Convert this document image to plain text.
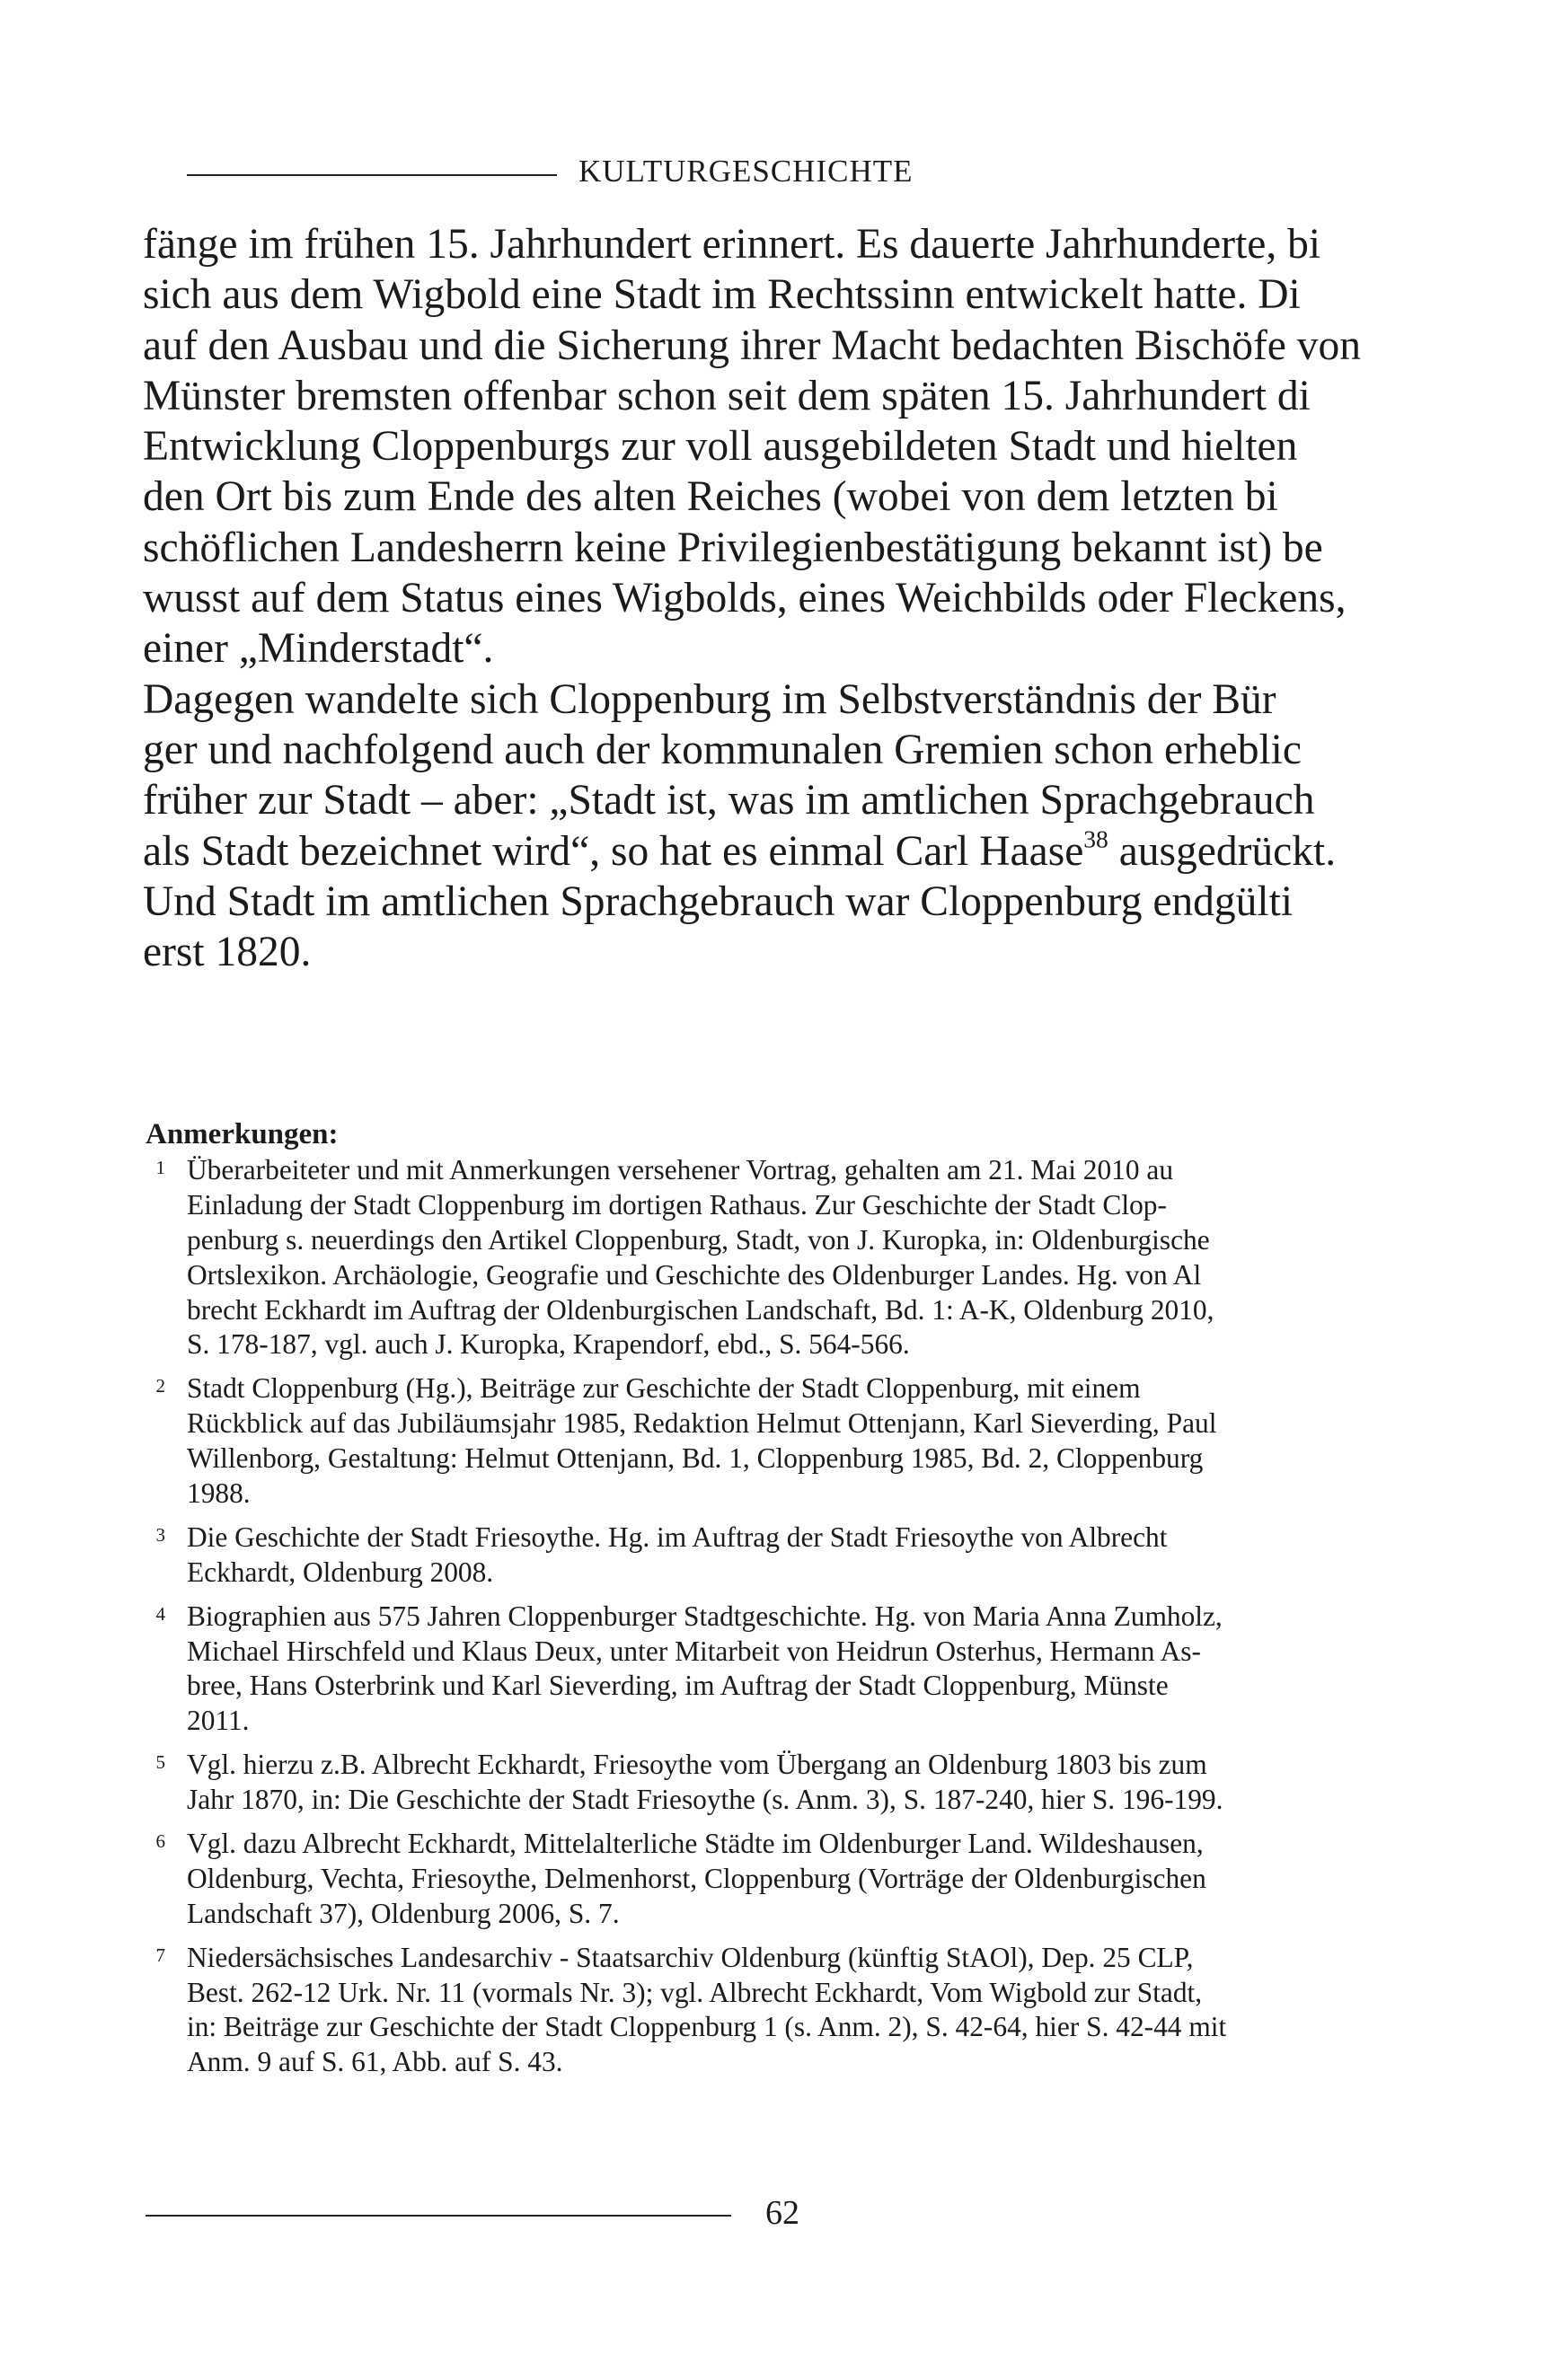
KULTURGESCHICHTE
fänge im frühen 15. Jahrhundert erinnert. Es dauerte Jahrhunderte, bi
sich aus dem Wigbold eine Stadt im Rechtssinn entwickelt hatte. Di
auf den Ausbau und die Sicherung ihrer Macht bedachten Bischöfe von
Münster bremsten offenbar schon seit dem späten 15. Jahrhundert di
Entwicklung Cloppenburgs zur voll ausgebildeten Stadt und hielten
den Ort bis zum Ende des alten Reiches (wobei von dem letzten bi
schöflichen Landesherrn keine Privilegienbestätigung bekannt ist) be
wusst auf dem Status eines Wigbolds, eines Weichbilds oder Fleckens,
einer „Minderstadt“.
Dagegen wandelte sich Cloppenburg im Selbstverständnis der Bür
ger und nachfolgend auch der kommunalen Gremien schon erheblic
früher zur Stadt – aber: „Stadt ist, was im amtlichen Sprachgebrauch
als Stadt bezeichnet wird“, so hat es einmal Carl Haase$^{38}$ ausgedrückt.
Und Stadt im amtlichen Sprachgebrauch war Cloppenburg endgülti
erst 1820.
Anmerkungen:
1 Überarbeiteter und mit Anmerkungen versehener Vortrag, gehalten am 21. Mai 2010 au
Einladung der Stadt Cloppenburg im dortigen Rathaus. Zur Geschichte der Stadt Clop-
penburg s. neuerdings den Artikel Cloppenburg, Stadt, von J. Kuropka, in: Oldenburgische
Ortslexikon. Archäologie, Geografie und Geschichte des Oldenburger Landes. Hg. von Al
brecht Eckhardt im Auftrag der Oldenburgischen Landschaft, Bd. 1: A-K, Oldenburg 2010,
S. 178-187, vgl. auch J. Kuropka, Krapendorf, ebd., S. 564-566.
2 Stadt Cloppenburg (Hg.), Beiträge zur Geschichte der Stadt Cloppenburg, mit einem
Rückblick auf das Jubiläumsjahr 1985, Redaktion Helmut Ottenjann, Karl Sieverding, Paul
Willenborg, Gestaltung: Helmut Ottenjann, Bd. 1, Cloppenburg 1985, Bd. 2, Cloppenburg
1988.
3 Die Geschichte der Stadt Friesoythe. Hg. im Auftrag der Stadt Friesoythe von Albrecht
Eckhardt, Oldenburg 2008.
4 Biographien aus 575 Jahren Cloppenburger Stadtgeschichte. Hg. von Maria Anna Zumholz,
Michael Hirschfeld und Klaus Deux, unter Mitarbeit von Heidrun Osterhus, Hermann As-
bree, Hans Osterbrink und Karl Sieverding, im Auftrag der Stadt Cloppenburg, Münste
2011.
5 Vgl. hierzu z.B. Albrecht Eckhardt, Friesoythe vom Übergang an Oldenburg 1803 bis zum
Jahr 1870, in: Die Geschichte der Stadt Friesoythe (s. Anm. 3), S. 187-240, hier S. 196-199.
6 Vgl. dazu Albrecht Eckhardt, Mittelalterliche Städte im Oldenburger Land. Wildeshausen,
Oldenburg, Vechta, Friesoythe, Delmenhorst, Cloppenburg (Vorträge der Oldenburgischen
Landschaft 37), Oldenburg 2006, S. 7.
7 Niedersächsisches Landesarchiv - Staatsarchiv Oldenburg (künftig StAOl), Dep. 25 CLP,
Best. 262-12 Urk. Nr. 11 (vormals Nr. 3); vgl. Albrecht Eckhardt, Vom Wigbold zur Stadt,
in: Beiträge zur Geschichte der Stadt Cloppenburg 1 (s. Anm. 2), S. 42-64, hier S. 42-44 mit
Anm. 9 auf S. 61, Abb. auf S. 43.
62
